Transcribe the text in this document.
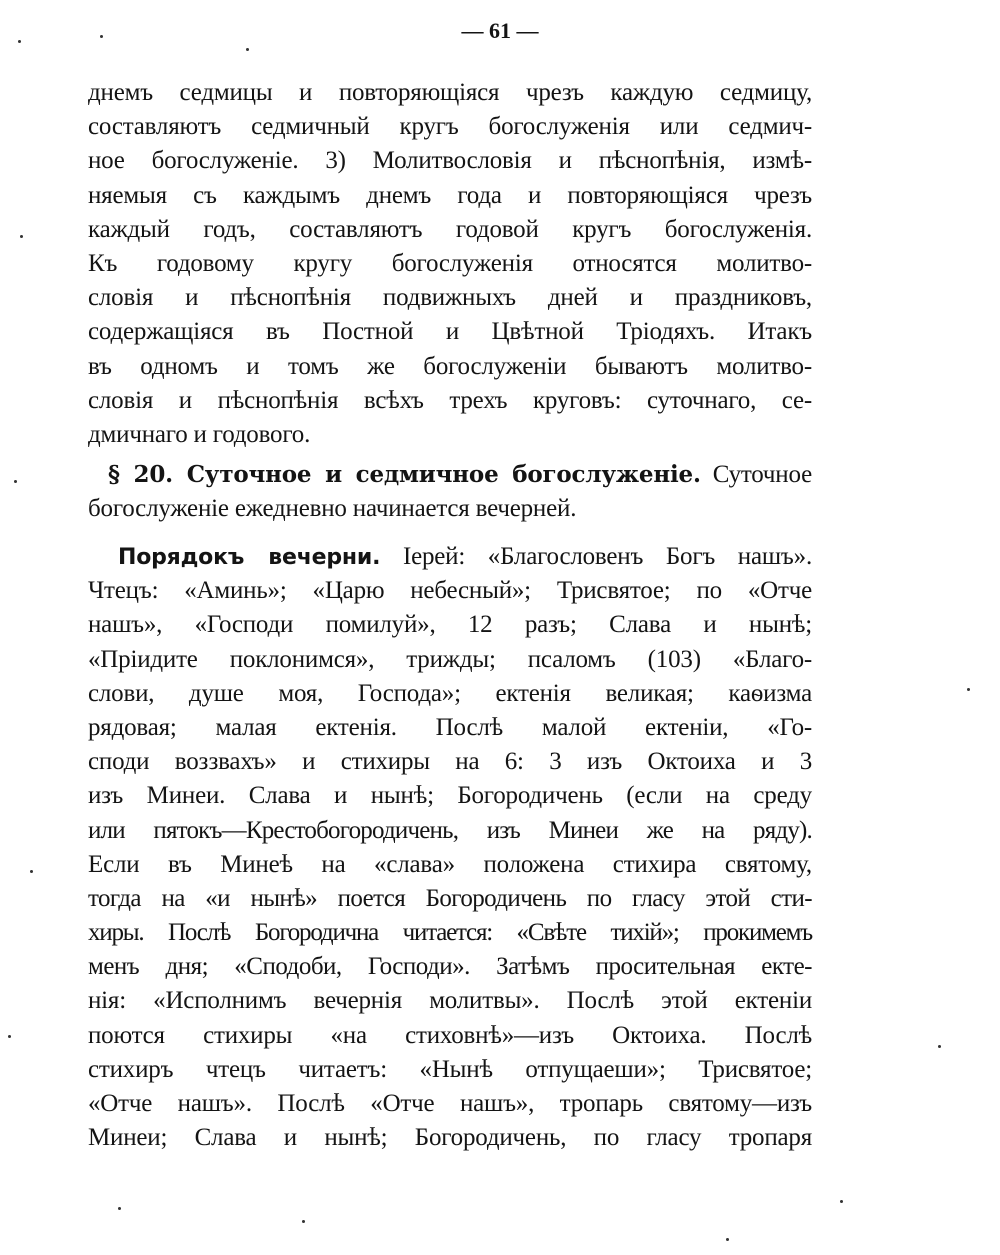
— 61 —
днемъ седмицы и повторяющіяся чрезъ каждую седмицу,
составляютъ седмичный кругъ богослуженія или седмич-
ное богослуженіе. 3) Молитвословія и пѣснопѣнія, измѣ-
няемыя съ каждымъ днемъ года и повторяющіяся чрезъ
каждый годъ, составляютъ годовой кругъ богослуженія.
Къ годовому кругу богослуженія относятся молитво-
словія и пѣснопѣнія подвижныхъ дней и праздниковъ,
содержащіяся въ Постной и Цвѣтной Тріодяхъ. Итакъ
въ одномъ и томъ же богослуженіи бываютъ молитво-
словія и пѣснопѣнія всѣхъ трехъ круговъ: суточнаго, се-
дмичнаго и годового.
§ 20. Суточное и седмичное богослуженіе. Суточное
богослуженіе ежедневно начинается вечерней.
Порядокъ вечерни. Іерей: «Благословенъ Богъ нашъ».
Чтецъ: «Аминь»; «Царю небесный»; Трисвятое; по «Отче
нашъ», «Господи помилуй», 12 разъ; Слава и нынѣ;
«Пріидите поклонимся», трижды; псаломъ (103) «Благо-
слови, душе моя, Господа»; ектенія великая; каѳизма
рядовая; малая ектенія. Послѣ малой ектеніи, «Го-
споди воззвахъ» и стихиры на 6: 3 изъ Октоиха и 3
изъ Минеи. Слава и нынѣ; Богородичень (если на среду
или пятокъ—Крестобогородичень, изъ Минеи же на ряду).
Если въ Минеѣ на «слава» положена стихира святому,
тогда на «и нынѣ» поется Богородичень по гласу этой сти-
хиры. Послѣ Богородична читается: «Свѣте тихій»; прокимемъ
менъ дня; «Сподоби, Господи». Затѣмъ просительная екте-
нія: «Исполнимъ вечернія молитвы». Послѣ этой ектеніи
поются стихиры «на стиховнѣ»—изъ Октоиха. Послѣ
стихиръ чтецъ читаетъ: «Нынѣ отпущаеши»; Трисвятое;
«Отче нашъ». Послѣ «Отче нашъ», тропарь святому—изъ
Минеи; Слава и нынѣ; Богородичень, по гласу тропаря
